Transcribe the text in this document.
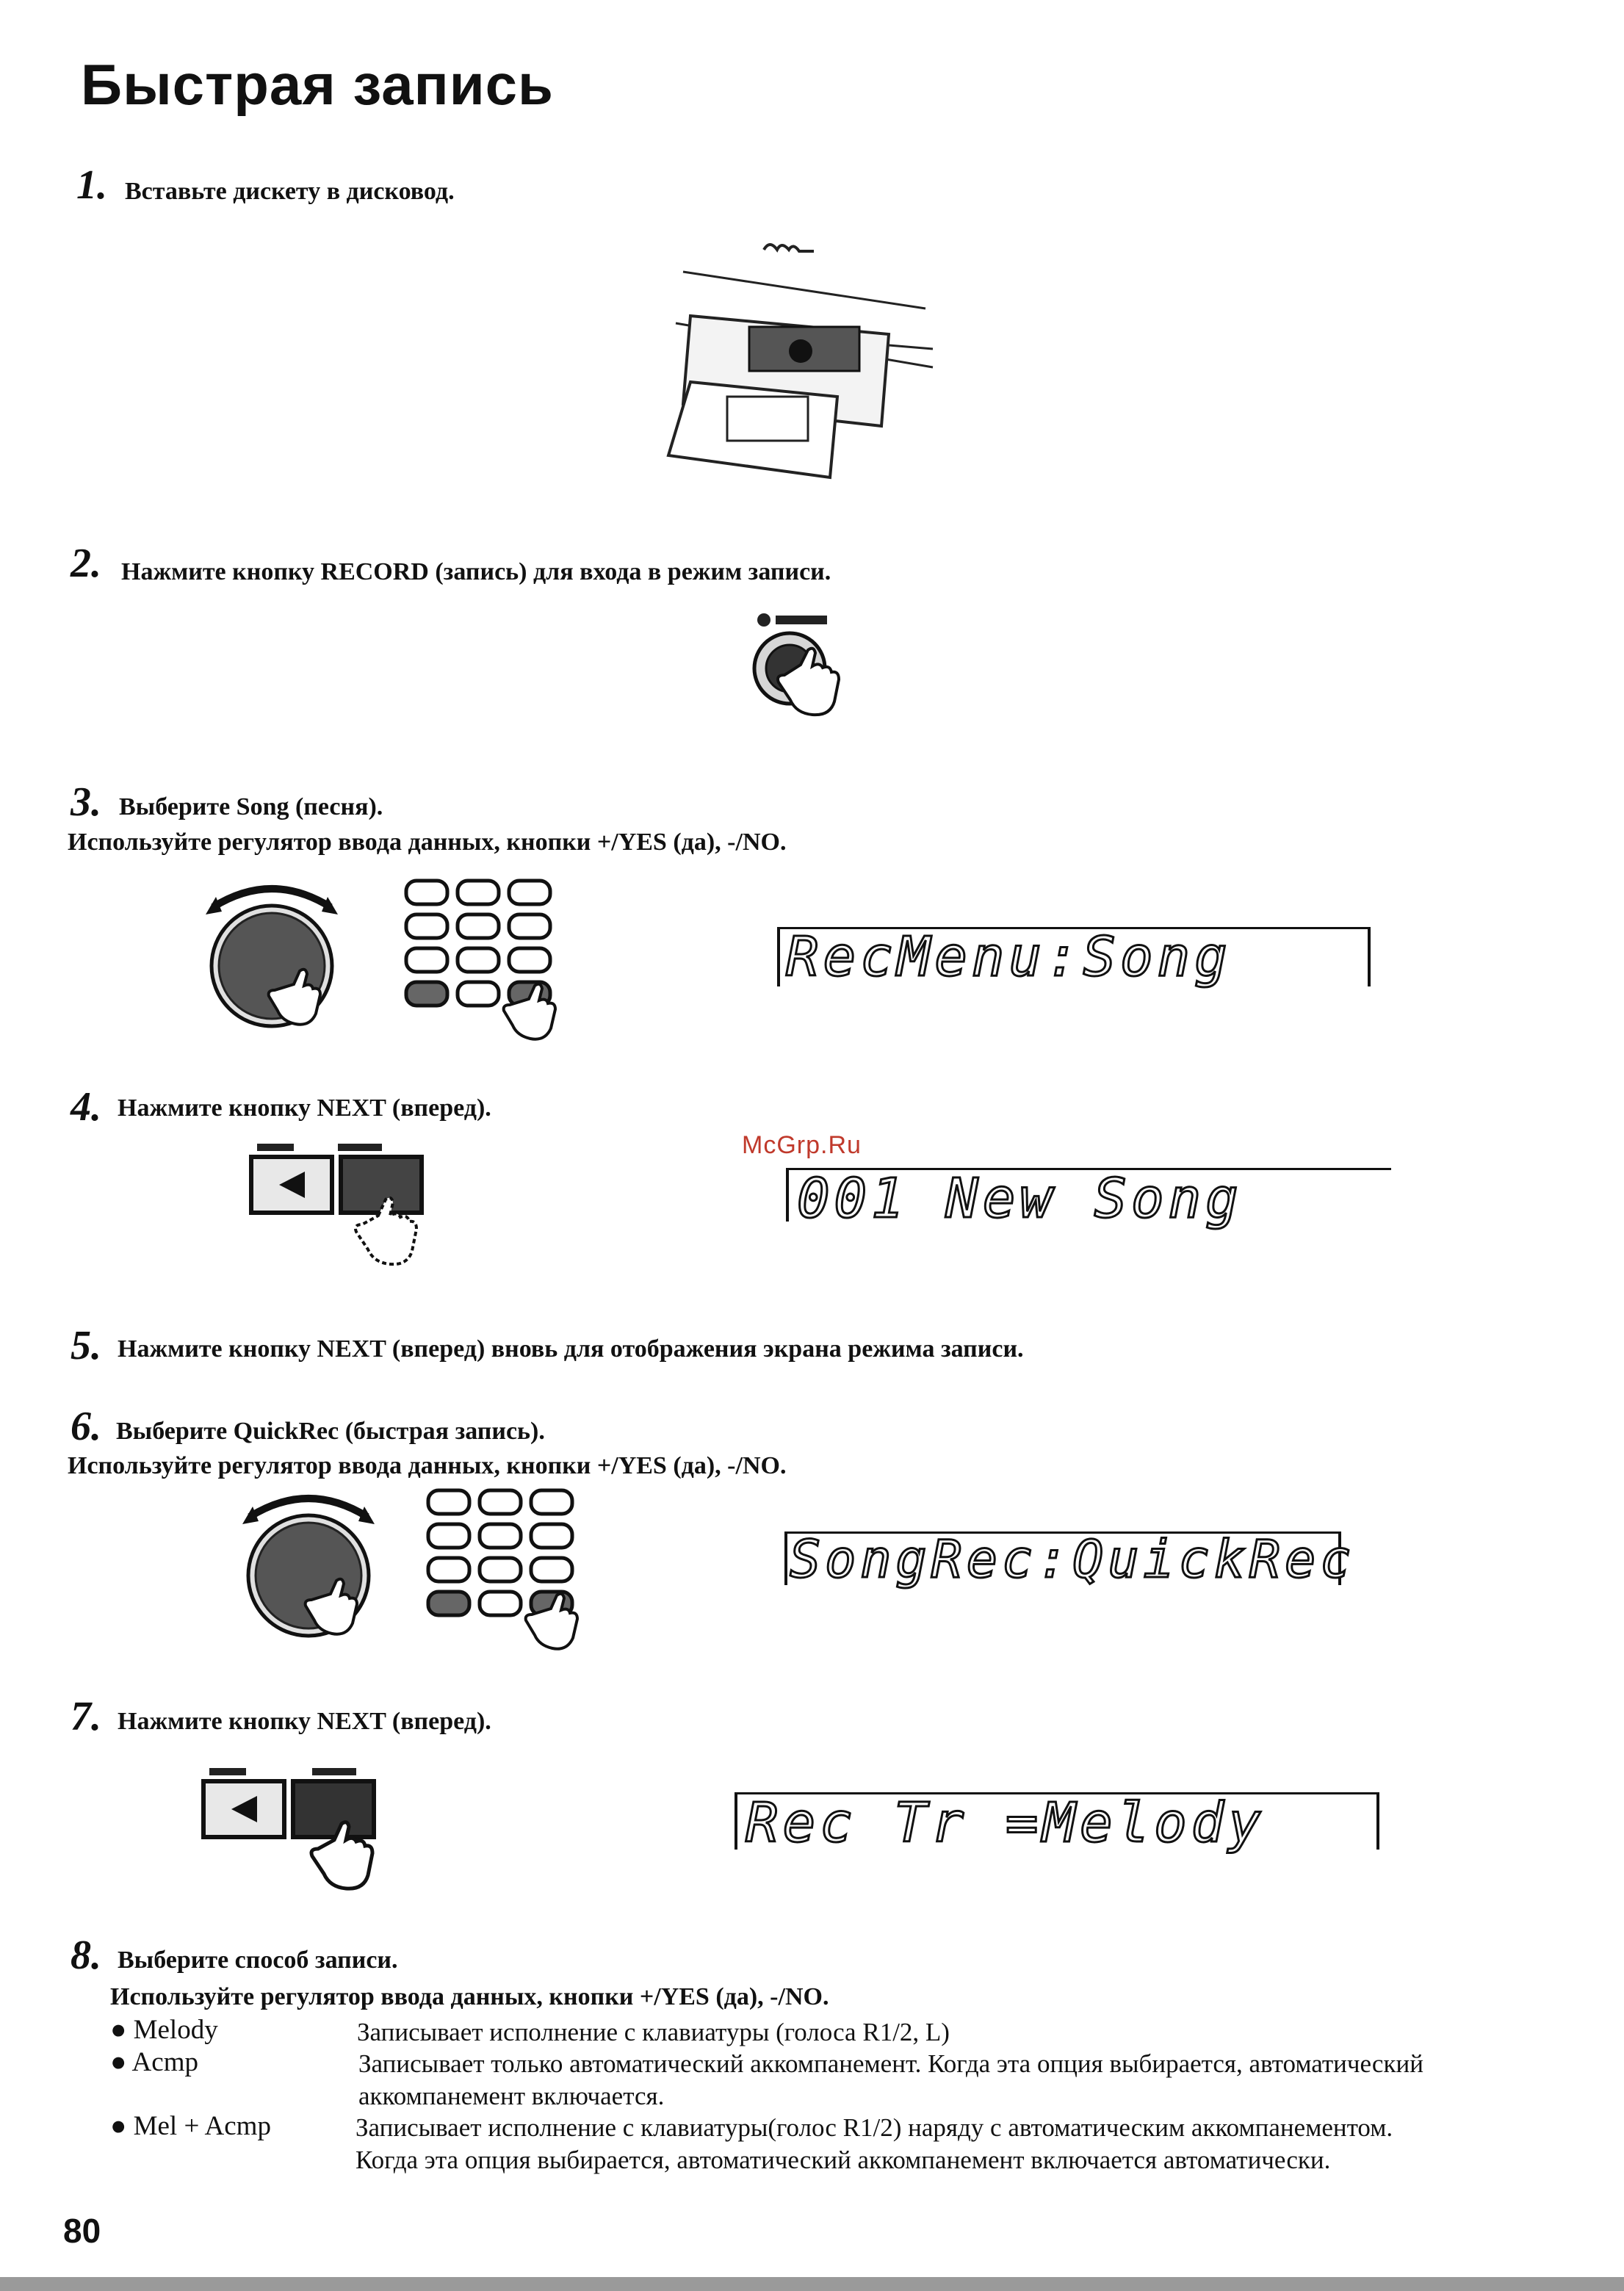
Быстрая запись
1. Вставьте дискету в дисковод.
2. Нажмите кнопку RECORD (запись) для входа в режим записи.
3. Выберите Song (песня).
Используйте регулятор ввода данных, кнопки +/YES (да), -/NO.
RecMenu:Song
4. Нажмите кнопку NEXT (вперед).
McGrp.Ru
001 New Song
5. Нажмите кнопку NEXT (вперед) вновь для отображения экрана режима записи.
6. Выберите QuickRec (быстрая запись).
Используйте регулятор ввода данных, кнопки +/YES (да), -/NO.
SongRec:QuickRec
7. Нажмите кнопку NEXT (вперед).
Rec Tr =Melody
8. Выберите способ записи.
Используйте регулятор ввода данных, кнопки +/YES (да), -/NO.
● Melody	Записывает исполнение с клавиатуры (голоса R1/2, L)
● Acmp	Записывает только автоматический аккомпанемент. Когда эта опция выбирается, автоматический аккомпанемент включается.
● Mel + Acmp	Записывает исполнение с клавиатуры(голос R1/2) наряду с автоматическим аккомпанементом. Когда эта опция выбирается, автоматический аккомпанемент включается автоматически.
80
